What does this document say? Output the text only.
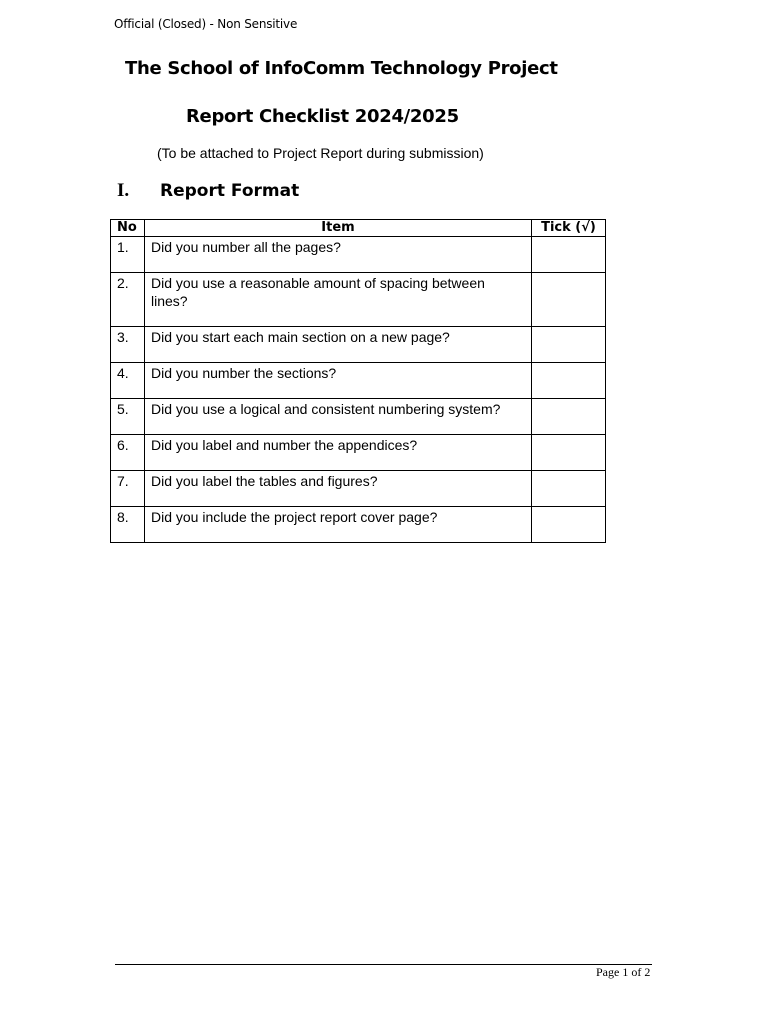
Official (Closed) - Non Sensitive
The School of InfoComm Technology Project
Report Checklist 2024/2025
(To be attached to Project Report during submission)
I. Report Format
No	Item	Tick (√)
1.	Did you number all the pages?	
2.	Did you use a reasonable amount of spacing between lines?	
3.	Did you start each main section on a new page?	
4.	Did you number the sections?	
5.	Did you use a logical and consistent numbering system?	
6.	Did you label and number the appendices?	
7.	Did you label the tables and figures?	
8.	Did you include the project report cover page?	
Page 1 of 2
